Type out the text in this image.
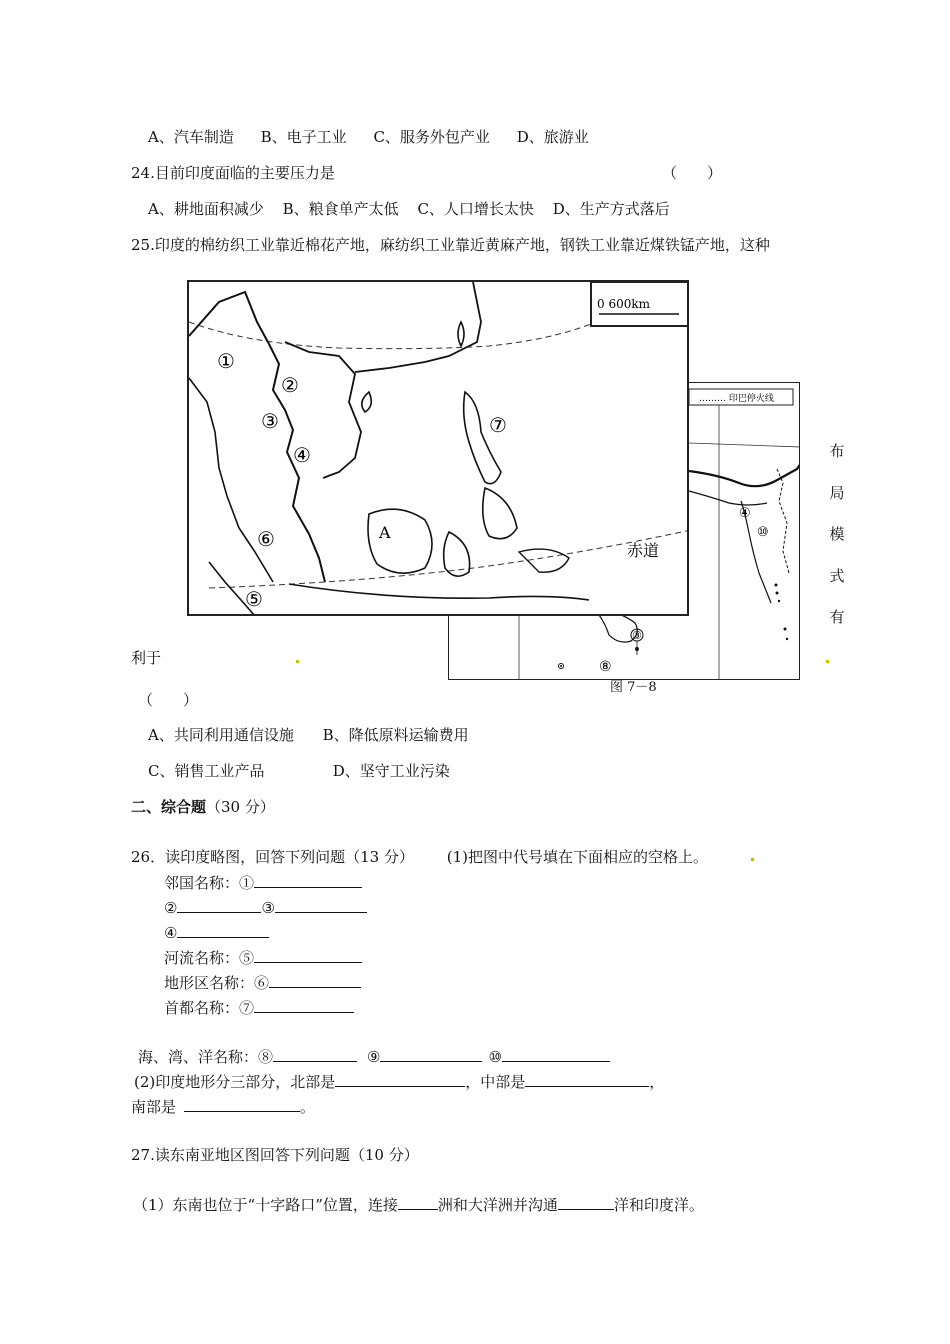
A、汽车制造 B、电子工业 C、服务外包产业 D、旅游业
24.目前印度面临的主要压力是	（　　）
A、耕地面积减少 B、粮食单产太低 C、人口增长太快 D、生产方式落后
25.印度的棉纺织工业靠近棉花产地，麻纺织工业靠近黄麻产地，钢铁工业靠近煤铁锰产地，这种
……… 印巴停火线
③
⑧
④
⑩
图 7－8
0 600km
赤道
A
①
②
③
④
⑤
⑥
⑦
布
局
模
式
有
利于
（　　）
A、共同利用通信设施 B、降低原料运输费用
C、销售工业产品	D、坚守工业污染
二、综合题（30 分）
26．读印度略图，回答下列问题（13 分） (1)把图中代号填在下面相应的空格上。
邻国名称：①
②	③
④
河流名称：⑤
地形区名称：⑥
首都名称：⑦
海、湾、洋名称：⑧	⑨	⑩
(2)印度地形分三部分，北部是	，中部是	，
南部是	。
27.读东南亚地区图回答下列问题（10 分）
（1）东南也位于“十字路口”位置，连接	洲和大洋洲并沟通	洋和印度洋。
